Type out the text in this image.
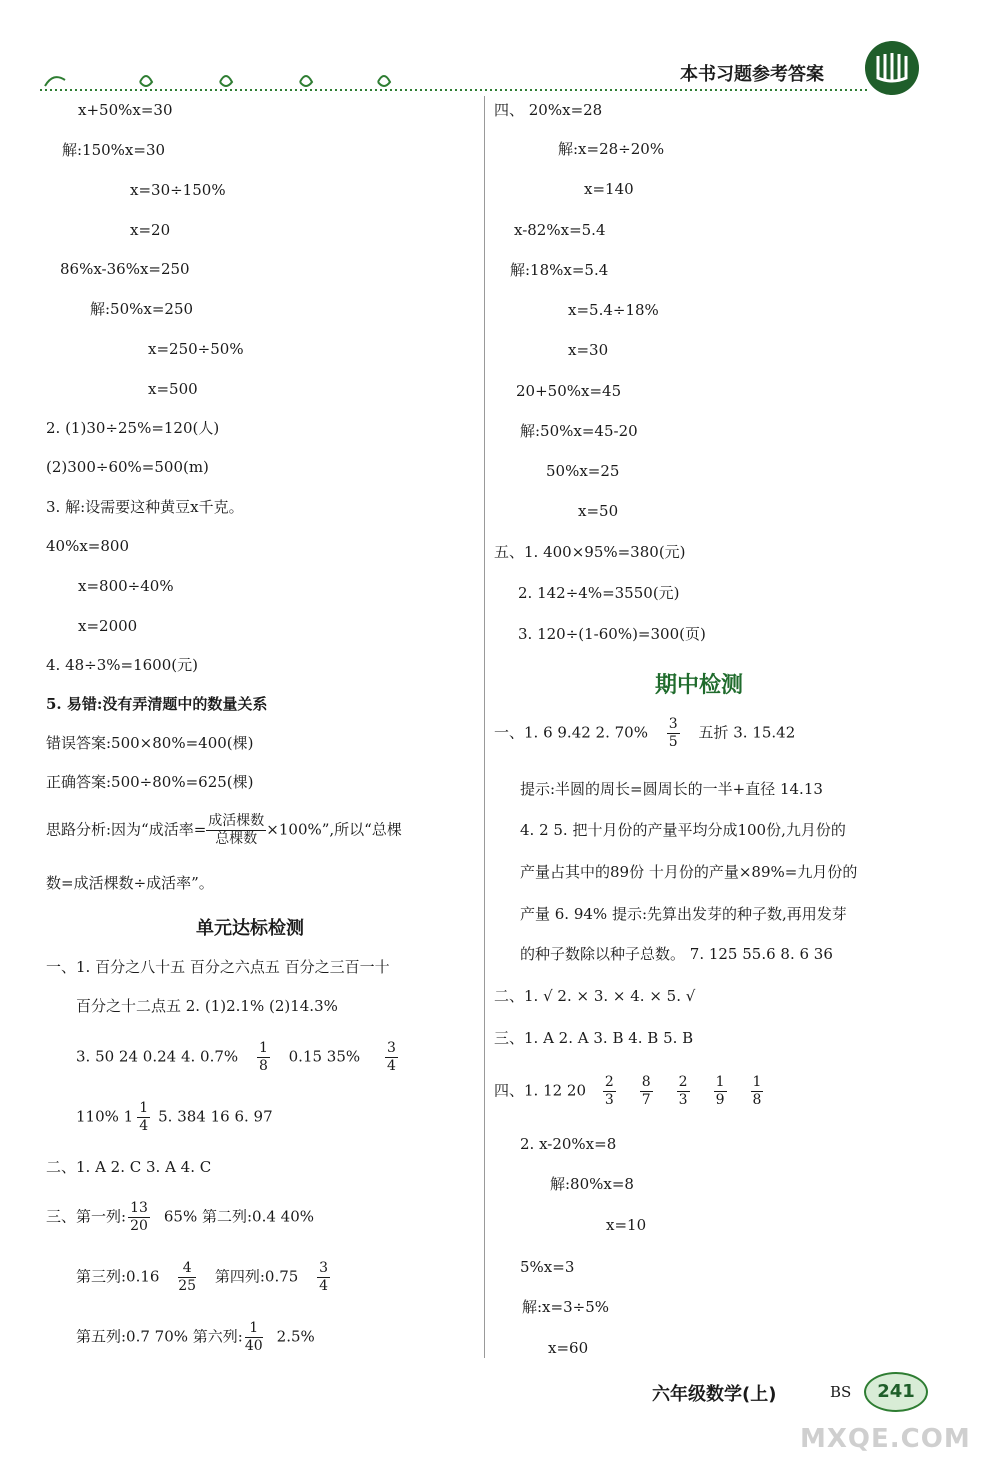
本书习题参考答案
x+50%x=30
解:150%x=30
x=30÷150%
x=20
86%x-36%x=250
解:50%x=250
x=250÷50%
x=500
2. (1)30÷25%=120(人)
(2)300÷60%=500(m)
3. 解:设需要这种黄豆x千克。
40%x=800
x=800÷40%
x=2000
4. 48÷3%=1600(元)
5. 易错:没有弄清题中的数量关系
错误答案:500×80%=400(棵)
正确答案:500÷80%=625(棵)
思路分析:因为“成活率= $\frac{\text{成活棵数}}{\text{总棵数}} \times 100\%$”,所以“总棵
数=成活棵数÷成活率”。
单元达标检测
一、1. 百分之八十五 百分之六点五 百分之三百一十
百分之十二点五 2. (1)2.1% (2)14.3%
3. 50 24 0.24 4. $0.7\% \frac{1}{8} 0.15$ $35\% \frac{3}{4}$
110% $1 \frac{1}{4} 5$. 384 16 6. 97
二、1. A 2. C 3. A 4. C
三、第一列: $\frac{13}{20} 65\%$ 第二列:0.4 40%
第三列:0.16 $\frac{4}{25}$ 第四列:0.75 $\frac{3}{4}$
第五列:0.7 70% 第六列: $\frac{1}{40} 2.5\%$
四、 20%x=28
解:x=28÷20%
x=140
x-82%x=5.4
解:18%x=5.4
x=5.4÷18%
x=30
20+50%x=45
解:50%x=45-20
50%x=25
x=50
五、1. 400×95%=380(元)
2. 142÷4%=3550(元)
3. 120÷(1-60%)=300(页)
期中检测
一、1. 6 9.42 2. $70\% \frac{3}{5}$ 五折 3. 15.42
提示:半圆的周长=圆周长的一半+直径 14.13
4. 2 5. 把十月份的产量平均分成100份,九月份的
产量占其中的89份 十月份的产量×89%=九月份的
产量 6. 94% 提示:先算出发芽的种子数,再用发芽
的种子数除以种子总数。 7. 125 55.6 8. 6 36
二、1. √ 2. × 3. × 4. × 5. √
三、1. A 2. A 3. B 4. B 5. B
四、1. 12 $20 \frac{2}{3} \frac{8}{7} \frac{2}{3} \frac{1}{9} \frac{1}{8}$
2. x-20%x=8
解:80%x=8
x=10
5%x=3
解:x=3÷5%
x=60
六年级数学(上)	BS	241
MXQE.COM
